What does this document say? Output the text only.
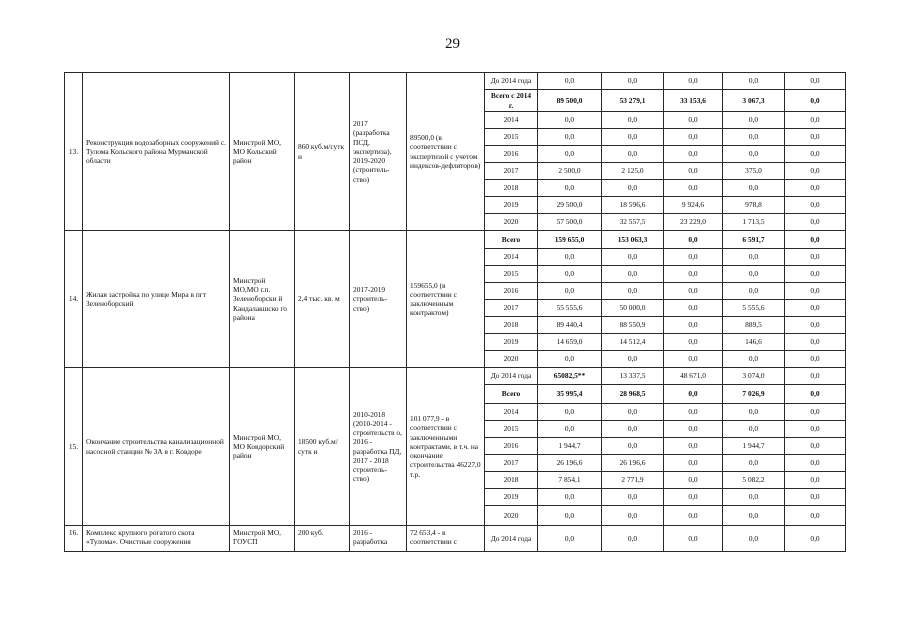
29
13.	Реконструкция водозаборных сооружений с. Тулома Кольского района Мурманской области	Минстрой МО, МО Кольский район	860 куб.м/сутк и	2017 (разработка ПСД, экспертиза), 2019-2020 (строитель-ство)	89500,0 (в соответствии с экспертизой с учетом индексов-дефляторов)	До 2014 года	0,0	0,0	0,0	0,0	0,0
						Всего с 2014 г.	89 500,0	53 279,1	33 153,6	3 067,3	0,0
						2014	0,0	0,0	0,0	0,0	0,0
						2015	0,0	0,0	0,0	0,0	0,0
						2016	0,0	0,0	0,0	0,0	0,0
						2017	2 500,0	2 125,0	0,0	375,0	0,0
						2018	0,0	0,0	0,0	0,0	0,0
						2019	29 500,0	18 596,6	9 924,6	978,8	0,0
						2020	57 500,0	32 557,5	23 229,0	1 713,5	0,0
14.	Жилая застройка по улице Мира в пгт Зеленоборский	Минстрой МО,МО г.п. Зеленоборски й Кандалакшско го района	2,4 тыс. кв. м	2017-2019 строитель-ство)	159655,0 (в соответствии с заключенным контрактом)	Всего	159 655,0	153 063,3	0,0	6 591,7	0,0
						2014	0,0	0,0	0,0	0,0	0,0
						2015	0,0	0,0	0,0	0,0	0,0
						2016	0,0	0,0	0,0	0,0	0,0
						2017	55 555,6	50 000,0	0,0	5 555,6	0,0
						2018	89 440,4	88 550,9	0,0	889,5	0,0
						2019	14 659,0	14 512,4	0,0	146,6	0,0
						2020	0,0	0,0	0,0	0,0	0,0
15.	Окончание строительства канализационной насосной станции № 3А в г. Ковдоре	Минстрой МО, МО Ковдорский район	18500 куб.м/сутк и	2010-2018 (2010-2014 - строительств о, 2016 - разработка ПД, 2017 - 2018 строитель-ство)	101 077,9 - в соответствии с заключенными контрактами, в т.ч. на окончание строительства 46227,0 т.р.	До 2014 года	65082,5**	13 337,5	48 671,0	3 074,0	0,0
						Всего	35 995,4	28 968,5	0,0	7 026,9	0,0
						2014	0,0	0,0	0,0	0,0	0,0
						2015	0,0	0,0	0,0	0,0	0,0
						2016	1 944,7	0,0	0,0	1 944,7	0,0
						2017	26 196,6	26 196,6	0,0	0,0	0,0
						2018	7 854,1	2 771,9	0,0	5 082,2	0,0
						2019	0,0	0,0	0,0	0,0	0,0
						2020	0,0	0,0	0,0	0,0	0,0
16.	Комплекс крупного рогатого скота «Тулома». Очистные сооружения	Минстрой МО, ГОУСП	200 куб.	2016 - разработка	72 653,4 - в соответствии с	До 2014 года	0,0	0,0	0,0	0,0	0,0
